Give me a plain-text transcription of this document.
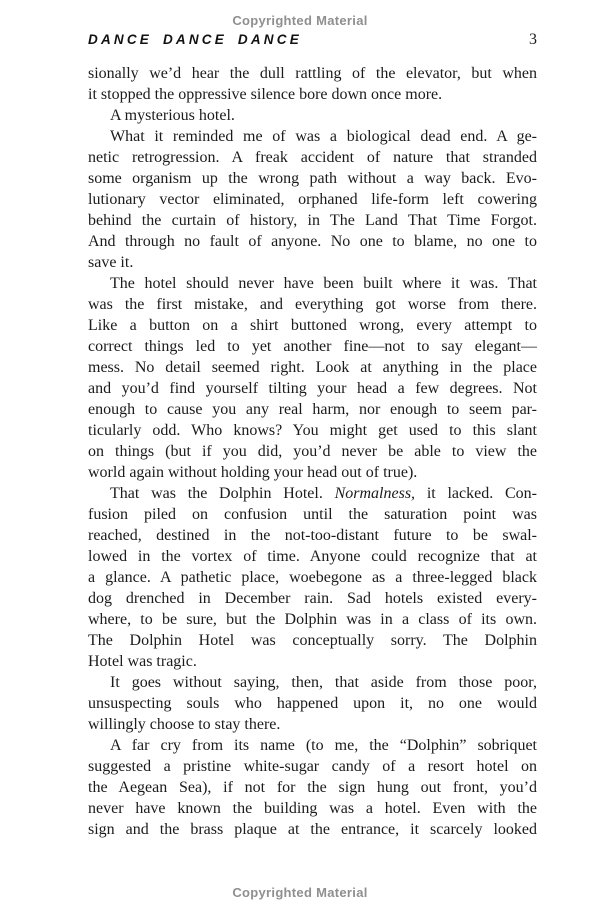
Copyrighted Material
DANCE DANCE DANCE	3
sionally we’d hear the dull rattling of the elevator, but when
it stopped the oppressive silence bore down once more.
A mysterious hotel.
What it reminded me of was a biological dead end. A ge-
netic retrogression. A freak accident of nature that stranded
some organism up the wrong path without a way back. Evo-
lutionary vector eliminated, orphaned life-form left cowering
behind the curtain of history, in The Land That Time Forgot.
And through no fault of anyone. No one to blame, no one to
save it.
The hotel should never have been built where it was. That
was the first mistake, and everything got worse from there.
Like a button on a shirt buttoned wrong, every attempt to
correct things led to yet another fine—not to say elegant—
mess. No detail seemed right. Look at anything in the place
and you’d find yourself tilting your head a few degrees. Not
enough to cause you any real harm, nor enough to seem par-
ticularly odd. Who knows? You might get used to this slant
on things (but if you did, you’d never be able to view the
world again without holding your head out of true).
That was the Dolphin Hotel. Normalness, it lacked. Con-
fusion piled on confusion until the saturation point was
reached, destined in the not-too-distant future to be swal-
lowed in the vortex of time. Anyone could recognize that at
a glance. A pathetic place, woebegone as a three-legged black
dog drenched in December rain. Sad hotels existed every-
where, to be sure, but the Dolphin was in a class of its own.
The Dolphin Hotel was conceptually sorry. The Dolphin
Hotel was tragic.
It goes without saying, then, that aside from those poor,
unsuspecting souls who happened upon it, no one would
willingly choose to stay there.
A far cry from its name (to me, the “Dolphin” sobriquet
suggested a pristine white-sugar candy of a resort hotel on
the Aegean Sea), if not for the sign hung out front, you’d
never have known the building was a hotel. Even with the
sign and the brass plaque at the entrance, it scarcely looked
Copyrighted Material
